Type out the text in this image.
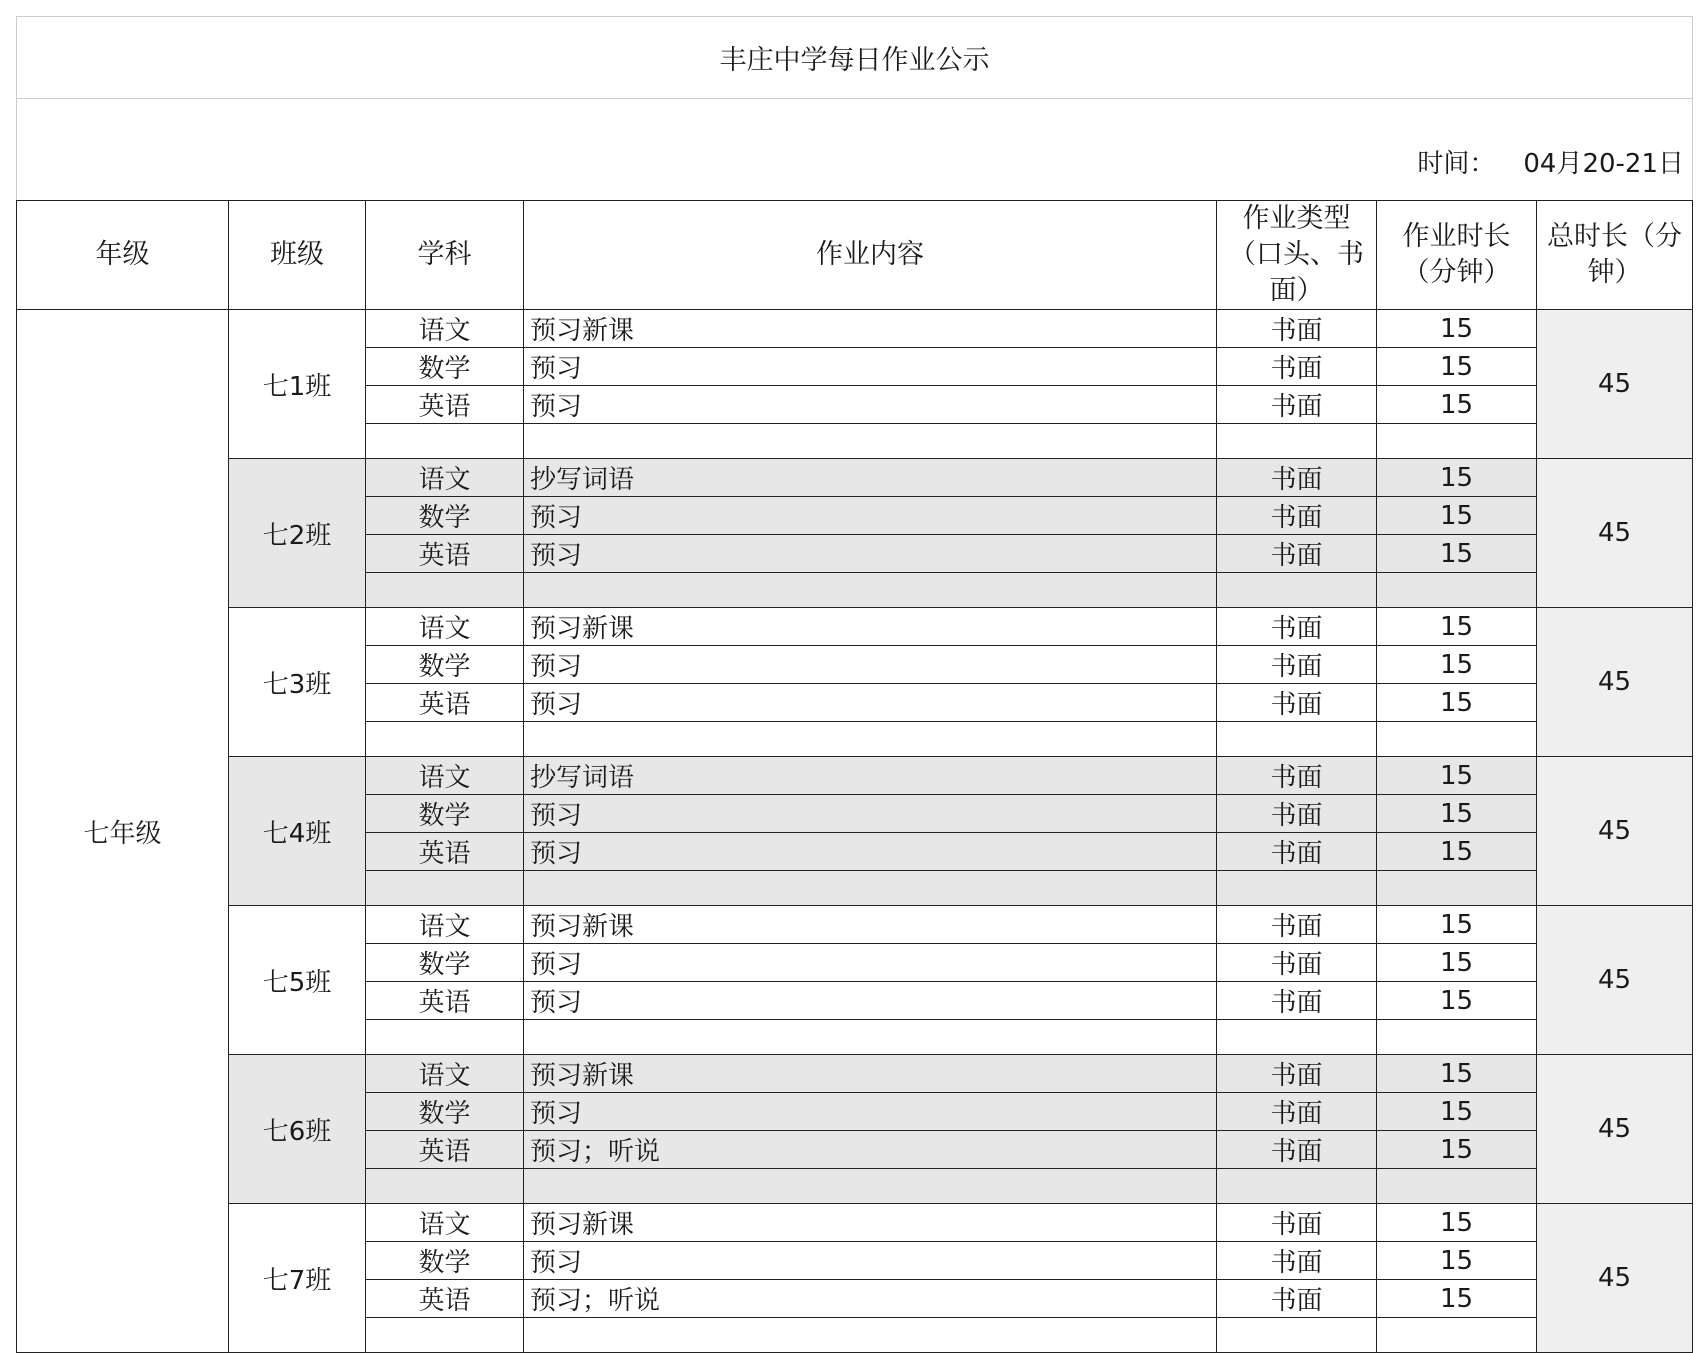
丰庄中学每日作业公示
时间： 04月20-21日
年级	班级	学科	作业内容	作业类型（口头、书面）	作业时长（分钟）	总时长（分钟）
七年级	七1班	语文	预习新课	书面	15	45
		数学	预习	书面	15	
		英语	预习	书面	15	

	七2班	语文	抄写词语	书面	15	45
		数学	预习	书面	15	
		英语	预习	书面	15	

	七3班	语文	预习新课	书面	15	45
		数学	预习	书面	15	
		英语	预习	书面	15	

	七4班	语文	抄写词语	书面	15	45
		数学	预习	书面	15	
		英语	预习	书面	15	

	七5班	语文	预习新课	书面	15	45
		数学	预习	书面	15	
		英语	预习	书面	15	

	七6班	语文	预习新课	书面	15	45
		数学	预习	书面	15	
		英语	预习；听说	书面	15	

	七7班	语文	预习新课	书面	15	45
		数学	预习	书面	15	
		英语	预习；听说	书面	15	
